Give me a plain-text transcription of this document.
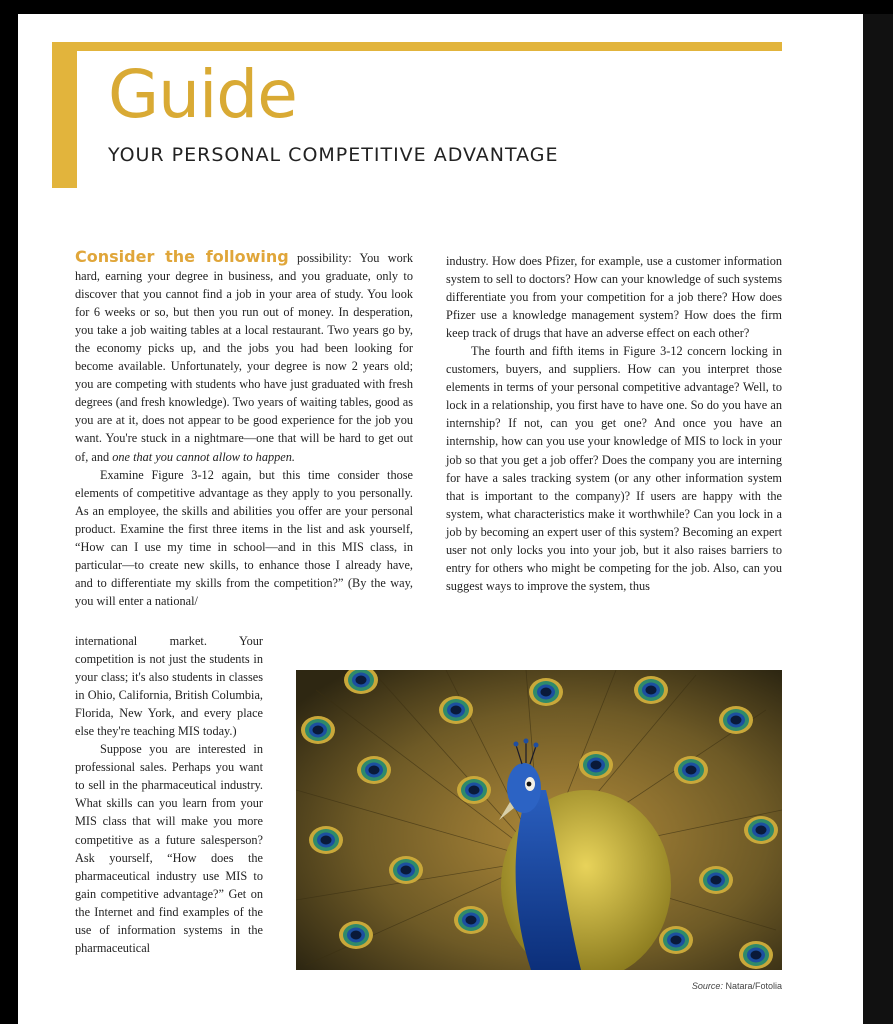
Guide
YOUR PERSONAL COMPETITIVE ADVANTAGE

Consider the following possibility: You work hard, earning your degree in business, and you graduate, only to discover that you cannot find a job in your area of study. You look for 6 weeks or so, but then you run out of money. In desperation, you take a job waiting tables at a local restaurant. Two years go by, the economy picks up, and the jobs you had been looking for become available. Unfortunately, your degree is now 2 years old; you are competing with students who have just graduated with fresh degrees (and fresh knowledge). Two years of waiting tables, good as you are at it, does not appear to be good experience for the job you want. You're stuck in a nightmare—one that will be hard to get out of, and one that you cannot allow to happen.

Examine Figure 3-12 again, but this time consider those elements of competitive advantage as they apply to you personally. As an employee, the skills and abilities you offer are your personal product. Examine the first three items in the list and ask yourself, “How can I use my time in school—and in this MIS class, in particular—to create new skills, to enhance those I already have, and to differentiate my skills from the competition?” (By the way, you will enter a national/

international market. Your competition is not just the students in your class; it's also students in classes in Ohio, California, British Columbia, Florida, New York, and every place else they're teaching MIS today.)

Suppose you are interested in professional sales. Perhaps you want to sell in the pharmaceutical industry. What skills can you learn from your MIS class that will make you more competitive as a future salesperson? Ask yourself, “How does the pharmaceutical industry use MIS to gain competitive advantage?” Get on the Internet and find examples of the use of information systems in the pharmaceutical

industry. How does Pfizer, for example, use a customer information system to sell to doctors? How can your knowledge of such systems differentiate you from your competition for a job there? How does Pfizer use a knowledge management system? How does the firm keep track of drugs that have an adverse effect on each other?

The fourth and fifth items in Figure 3-12 concern locking in customers, buyers, and suppliers. How can you interpret those elements in terms of your personal competitive advantage? Well, to lock in a relationship, you first have to have one. So do you have an internship? If not, can you get one? And once you have an internship, how can you use your knowledge of MIS to lock in your job so that you get a job offer? Does the company you are interning for have a sales tracking system (or any other information system that is important to the company)? If users are happy with the system, what characteristics make it worthwhile? Can you lock in a job by becoming an expert user of this system? Becoming an expert user not only locks you into your job, but it also raises barriers to entry for others who might be competing for the job. Also, can you suggest ways to improve the system, thus

Source: Natara/Fotolia
